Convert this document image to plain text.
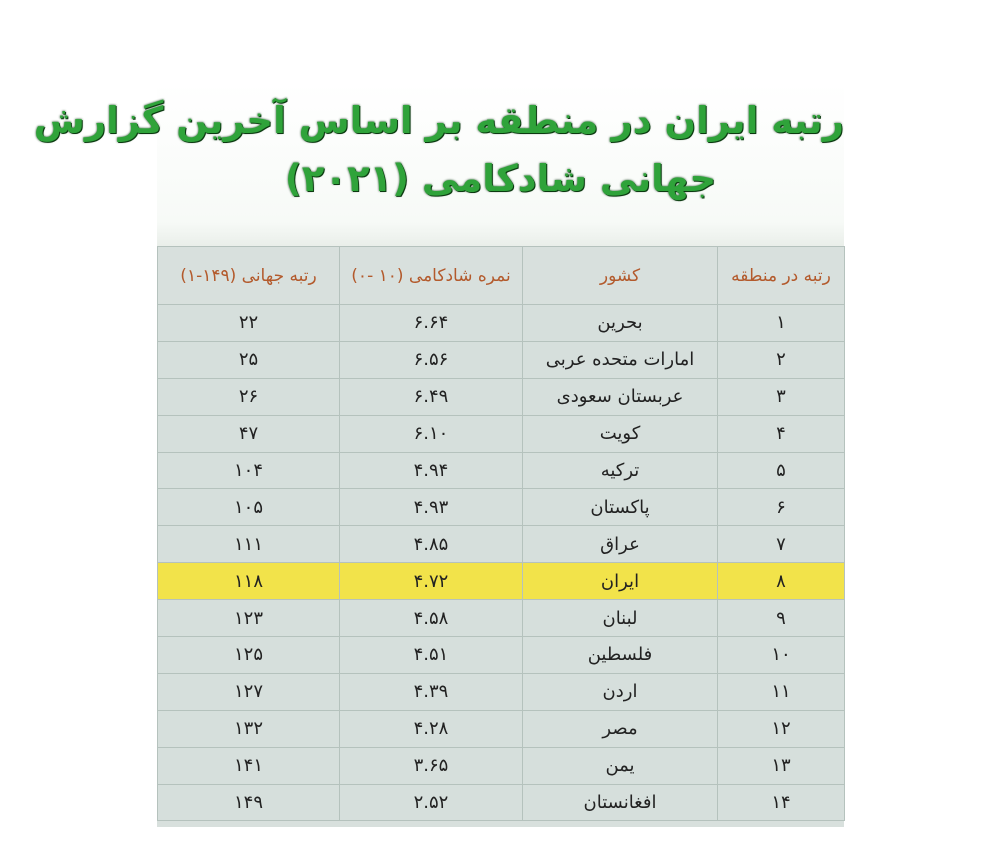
رتبه ایران در منطقه بر اساس آخرین گزارش
جهانی شادکامی (۲۰۲۱)
رتبه در منطقه	کشور	نمره شادکامی (۱۰ -۰)	رتبه جهانی (۱۴۹-۱)
۱	بحرین	۶.۶۴	۲۲
۲	امارات متحده عربی	۶.۵۶	۲۵
۳	عربستان سعودی	۶.۴۹	۲۶
۴	کویت	۶.۱۰	۴۷
۵	ترکیه	۴.۹۴	۱۰۴
۶	پاکستان	۴.۹۳	۱۰۵
۷	عراق	۴.۸۵	۱۱۱
۸	ایران	۴.۷۲	۱۱۸
۹	لبنان	۴.۵۸	۱۲۳
۱۰	فلسطین	۴.۵۱	۱۲۵
۱۱	اردن	۴.۳۹	۱۲۷
۱۲	مصر	۴.۲۸	۱۳۲
۱۳	یمن	۳.۶۵	۱۴۱
۱۴	افغانستان	۲.۵۲	۱۴۹
